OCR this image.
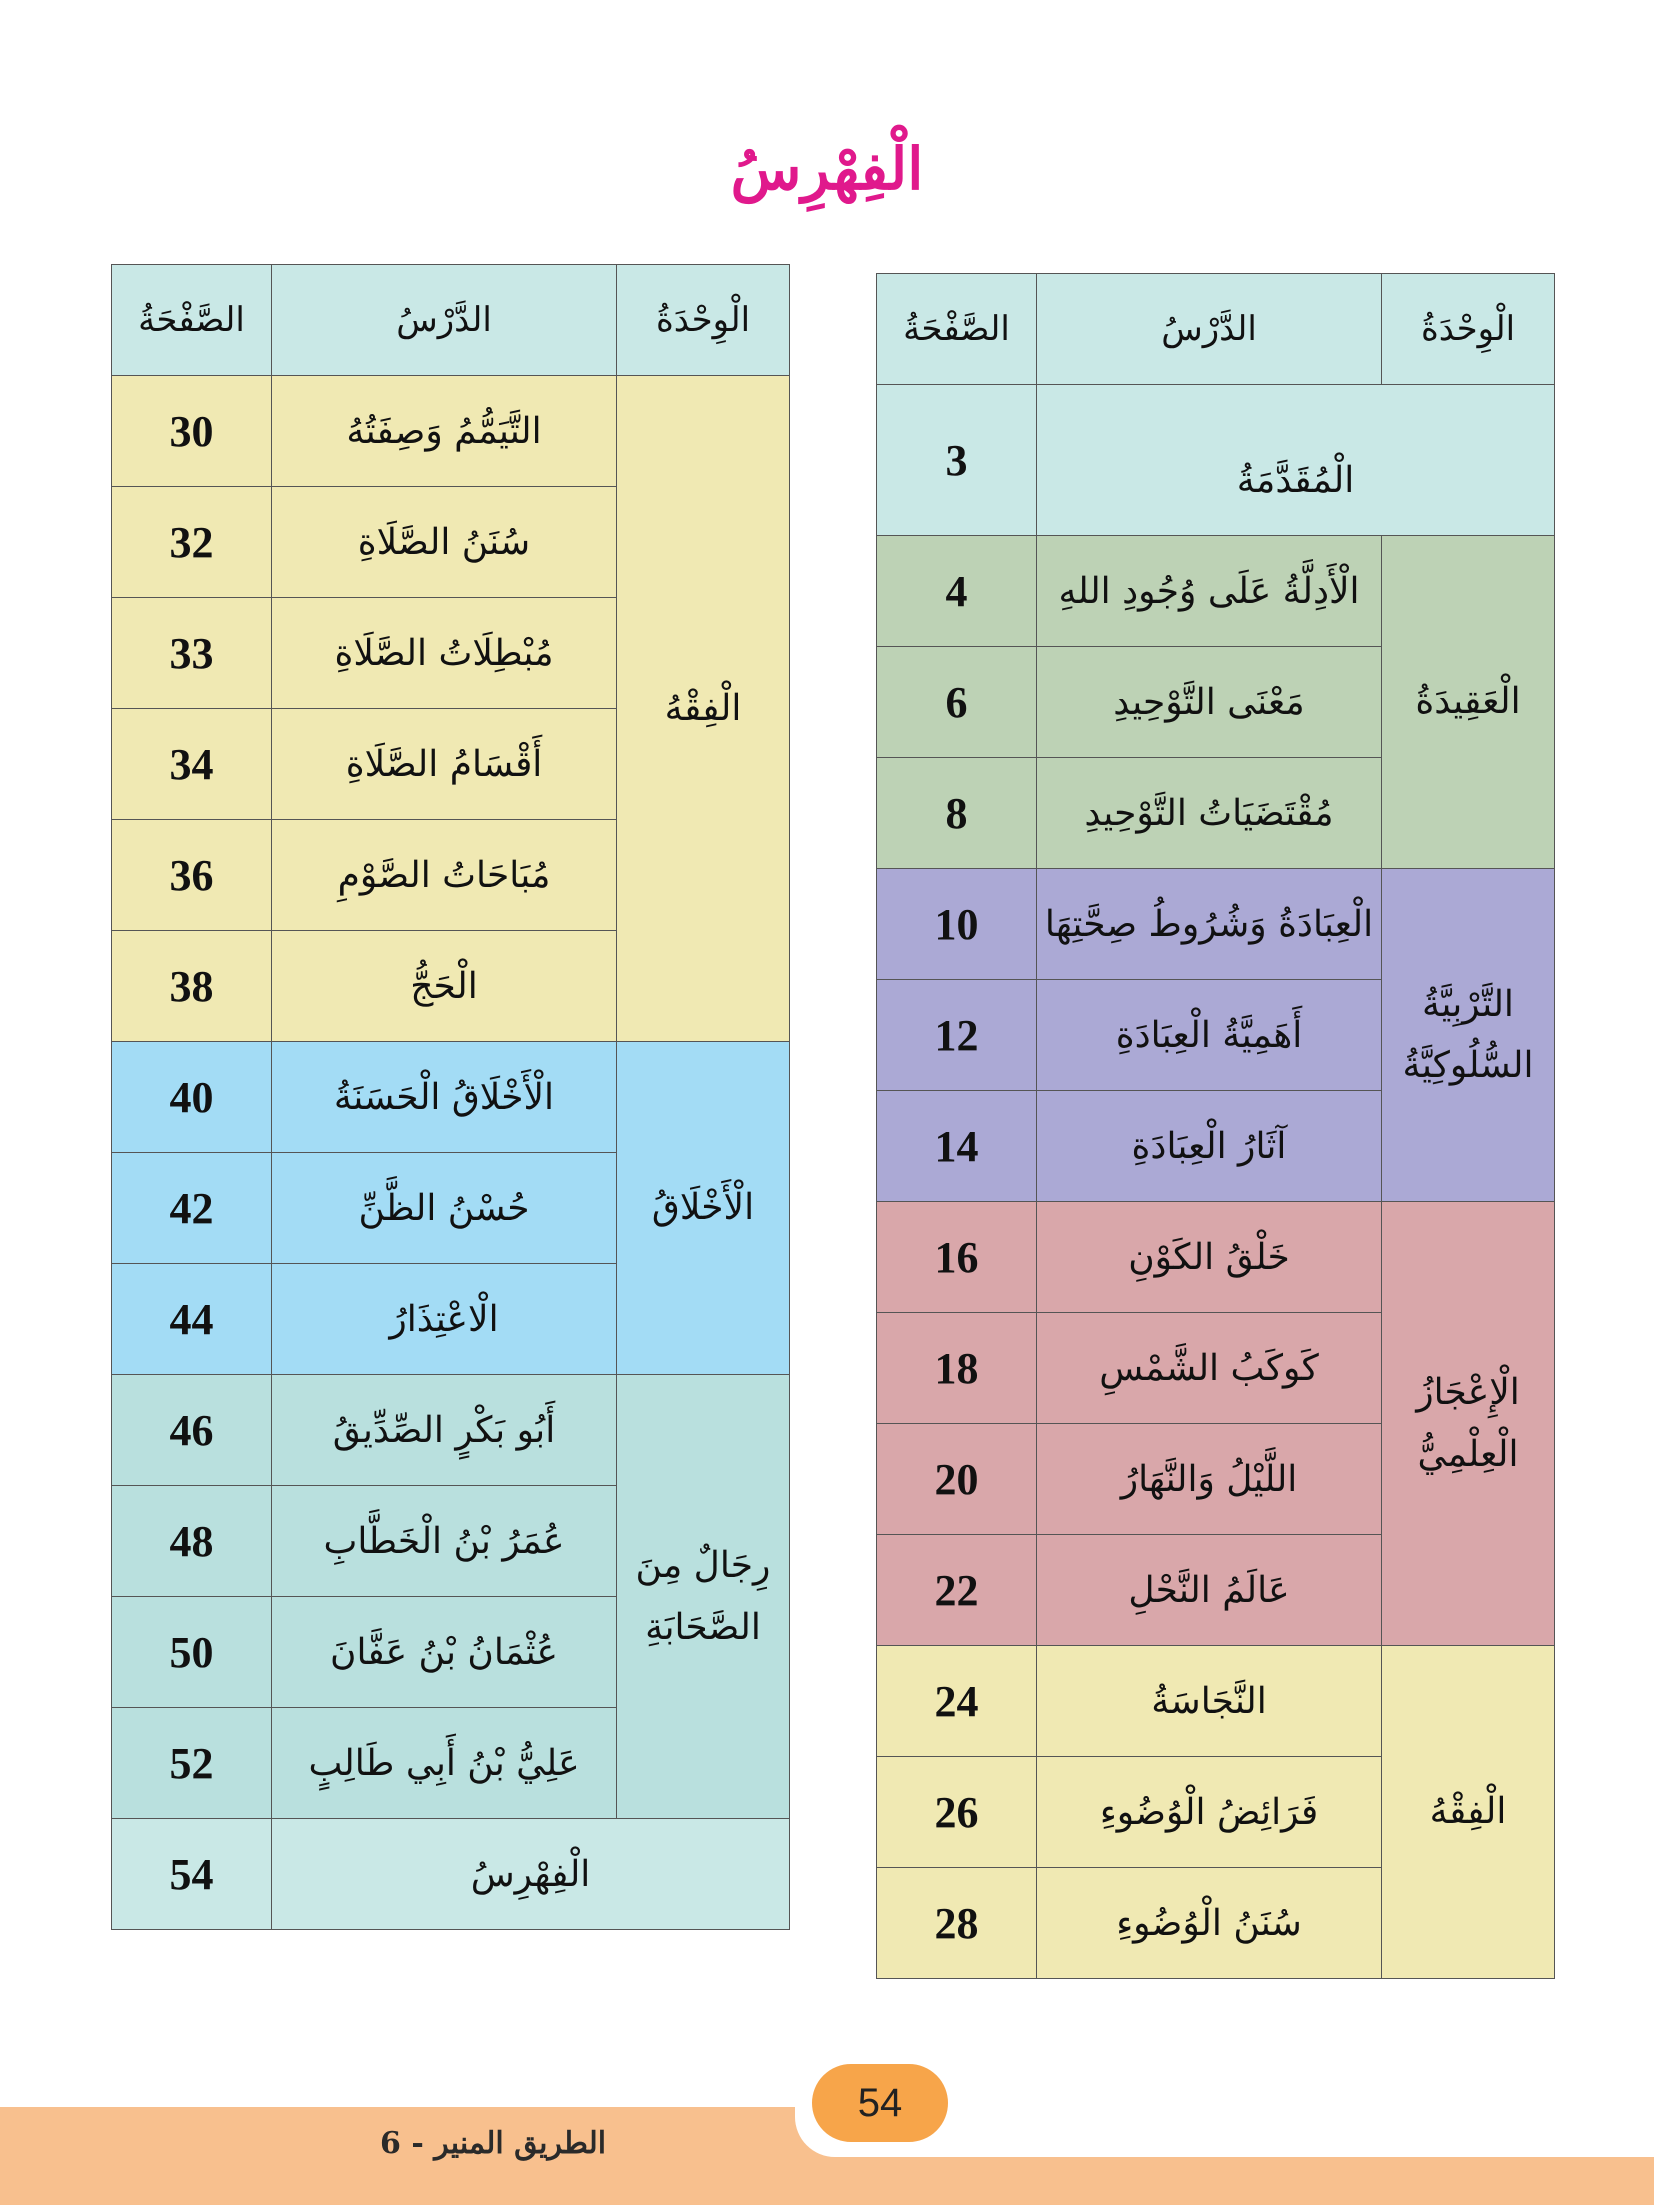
الْفِهْرِسُ
الْوِحْدَةُ	الدَّرْسُ	الصَّفْحَةُ
الْمُقَدَّمَةُ		3
الْعَقِيدَةُ	الْأَدِلَّةُ عَلَى وُجُودِ اللهِ	4
	مَعْنَى التَّوْحِيدِ	6
	مُقْتَضَيَاتُ التَّوْحِيدِ	8
التَّرْبِيَّةُ السُّلُوكِيَّةُ	الْعِبَادَةُ وَشُرُوطُ صِحَّتِهَا	10
	أَهَمِيَّةُ الْعِبَادَةِ	12
	آثَارُ الْعِبَادَةِ	14
الْإِعْجَازُ الْعِلْمِيُّ	خَلْقُ الكَوْنِ	16
	كَوكَبُ الشَّمْسِ	18
	اللَّيْلُ وَالنَّهَارُ	20
	عَالَمُ النَّحْلِ	22
الْفِقْهُ	النَّجَاسَةُ	24
	فَرَائِضُ الْوُضُوءِ	26
	سُنَنُ الْوُضُوءِ	28
الْوِحْدَةُ	الدَّرْسُ	الصَّفْحَةُ
الْفِقْهُ	التَّيَمُّمُ وَصِفَتُهُ	30
	سُنَنُ الصَّلَاةِ	32
	مُبْطِلَاتُ الصَّلَاةِ	33
	أَقْسَامُ الصَّلَاةِ	34
	مُبَاحَاتُ الصَّوْمِ	36
	الْحَجُّ	38
الْأَخْلَاقُ	الْأَخْلَاقُ الْحَسَنَةُ	40
	حُسْنُ الظَّنِّ	42
	الْاعْتِذَارُ	44
رِجَالٌ مِنَ الصَّحَابَةِ	أَبُو بَكْرٍ الصِّدِّيقُ	46
	عُمَرُ بْنُ الْخَطَّابِ	48
	عُثْمَانُ بْنُ عَفَّانَ	50
	عَلِيُّ بْنُ أَبِي طَالِبٍ	52
الْفِهْرِسُ		54
54
الطريق المنير - 6
